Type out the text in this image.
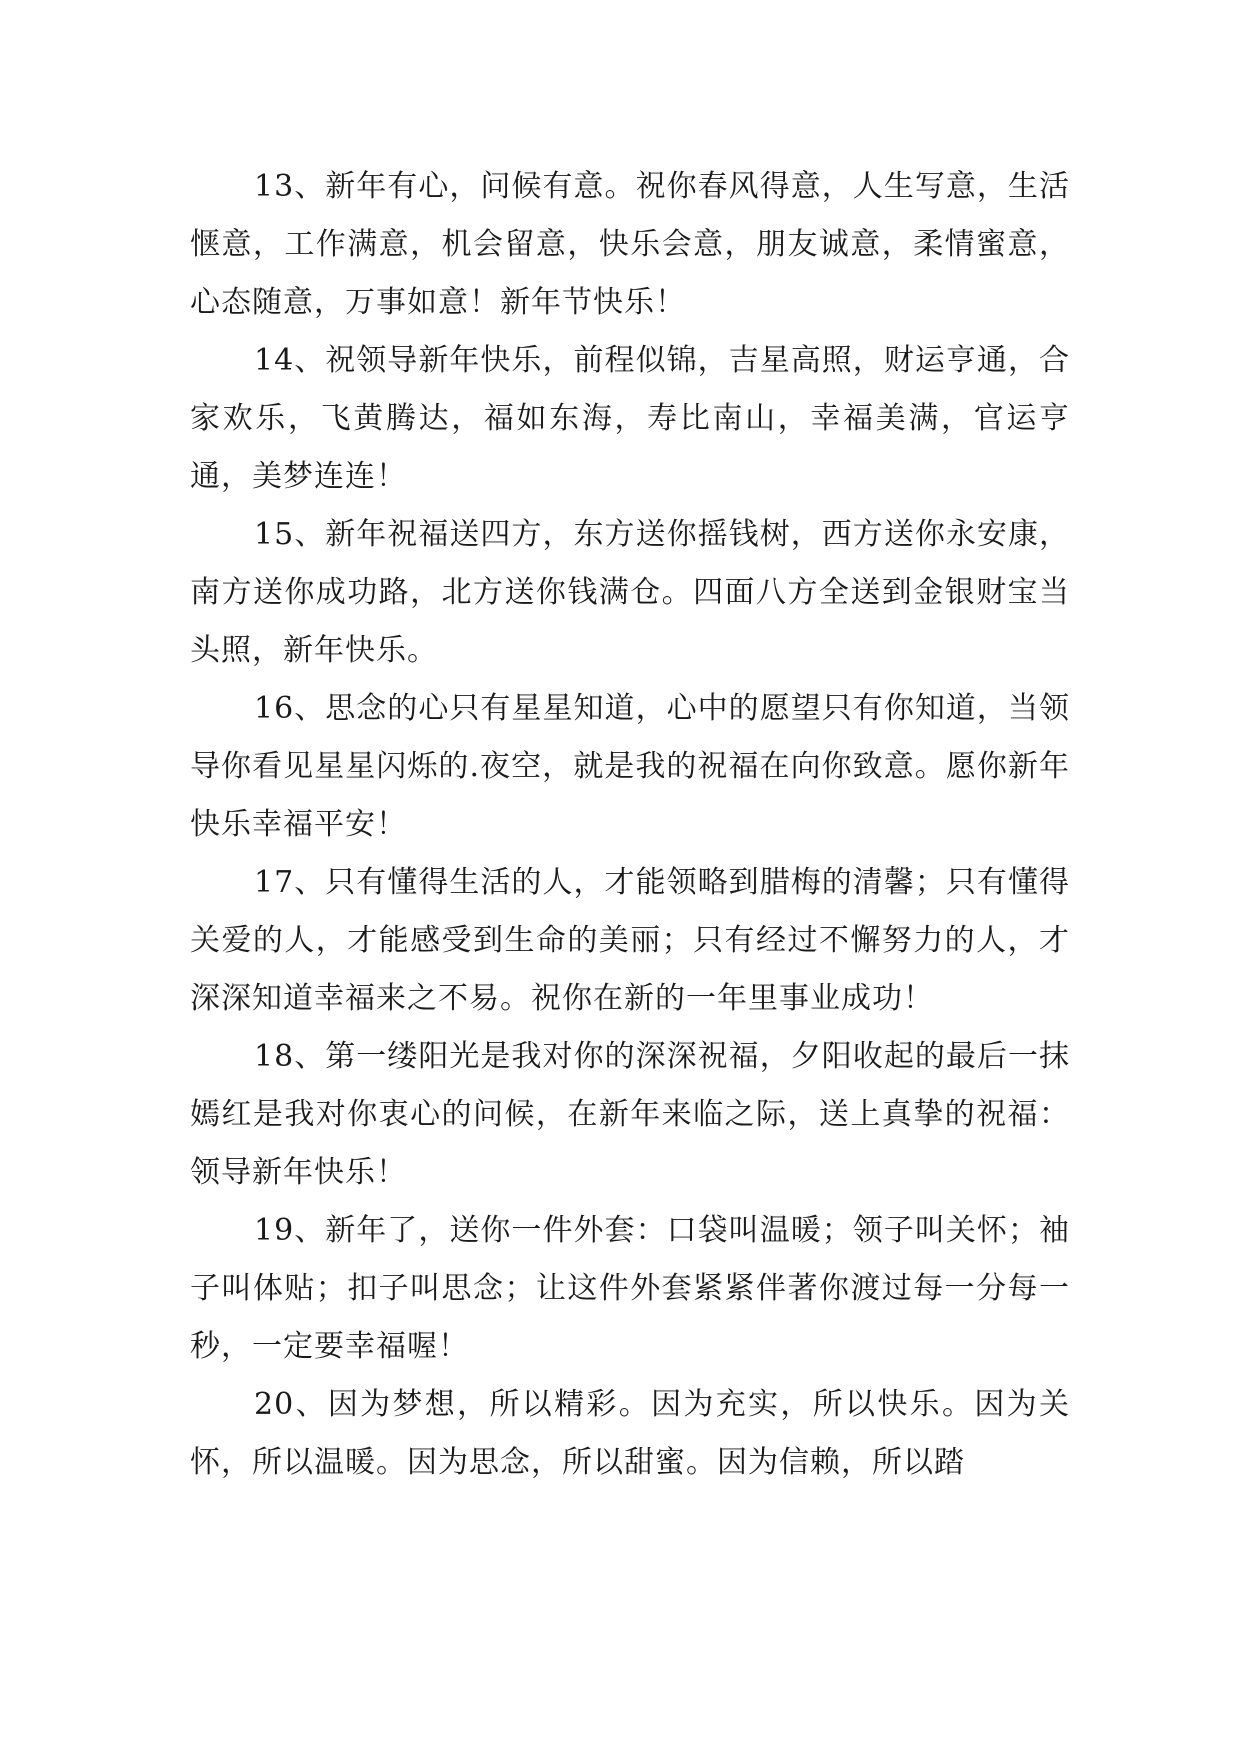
13、新年有心，问候有意。祝你春风得意，人生写意，生活惬意，工作满意，机会留意，快乐会意，朋友诚意，柔情蜜意，心态随意，万事如意！新年节快乐！

14、祝领导新年快乐，前程似锦，吉星高照，财运亨通，合家欢乐，飞黄腾达，福如东海，寿比南山，幸福美满，官运亨通，美梦连连！

15、新年祝福送四方，东方送你摇钱树，西方送你永安康，南方送你成功路，北方送你钱满仓。四面八方全送到金银财宝当头照，新年快乐。

16、思念的心只有星星知道，心中的愿望只有你知道，当领导你看见星星闪烁的.夜空，就是我的祝福在向你致意。愿你新年快乐幸福平安！

17、只有懂得生活的人，才能领略到腊梅的清馨；只有懂得关爱的人，才能感受到生命的美丽；只有经过不懈努力的人，才深深知道幸福来之不易。祝你在新的一年里事业成功！

18、第一缕阳光是我对你的深深祝福，夕阳收起的最后一抹嫣红是我对你衷心的问候，在新年来临之际，送上真挚的祝福：领导新年快乐！

19、新年了，送你一件外套：口袋叫温暖；领子叫关怀；袖子叫体贴；扣子叫思念；让这件外套紧紧伴著你渡过每一分每一秒，一定要幸福喔！

20、因为梦想，所以精彩。因为充实，所以快乐。因为关怀，所以温暖。因为思念，所以甜蜜。因为信赖，所以踏
